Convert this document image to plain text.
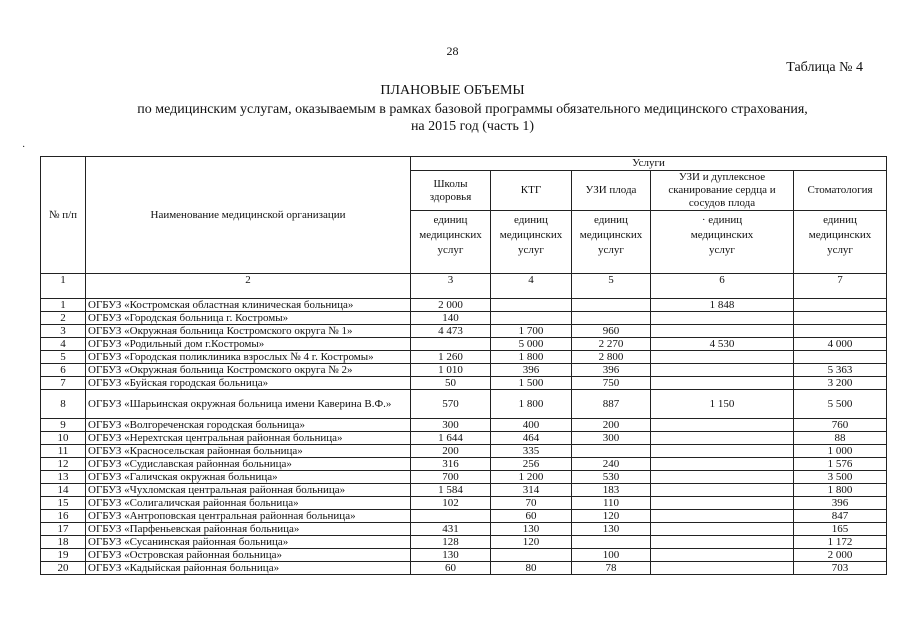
28
Таблица № 4
ПЛАНОВЫЕ ОБЪЕМЫ
по медицинским услугам, оказываемым в рамках базовой программы обязательного медицинского страхования,
на 2015 год (часть 1)
·
№ п/п	Наименование медицинской организации	Услуги				
		Школы здоровья	КТГ	УЗИ плода	УЗИ и дуплексное сканирование сердца и сосудов плода	Стоматология
		единиц медицинских услуг	единиц медицинских услуг	единиц медицинских услуг	· единиц медицинских услуг	единиц медицинских услуг
1	2	3	4	5	6	7
1	ОГБУЗ «Костромская областная клиническая больница»	2 000			1 848	
2	ОГБУЗ «Городская больница г. Костромы»	140				
3	ОГБУЗ «Окружная больница Костромского округа № 1»	4 473	1 700	960		
4	ОГБУЗ «Родильный дом г.Костромы»		5 000	2 270	4 530	4 000
5	ОГБУЗ «Городская поликлиника взрослых № 4 г. Костромы»	1 260	1 800	2 800		
6	ОГБУЗ «Окружная больница Костромского округа № 2»	1 010	396	396		5 363
7	ОГБУЗ «Буйская городская больница»	50	1 500	750		3 200
8	ОГБУЗ «Шарьинская окружная больница имени Каверина В.Ф.»	570	1 800	887	1 150	5 500
9	ОГБУЗ «Волгореченская городская больница»	300	400	200		760
10	ОГБУЗ «Нерехтская центральная районная больница»	1 644	464	300		88
11	ОГБУЗ «Красносельская районная больница»	200	335			1 000
12	ОГБУЗ «Судиславская районная больница»	316	256	240		1 576
13	ОГБУЗ «Галичская окружная больница»	700	1 200	530		3 500
14	ОГБУЗ «Чухломская центральная районная больница»	1 584	314	183		1 800
15	ОГБУЗ «Солигаличская районная больница»	102	70	110		396
16	ОГБУЗ «Антроповская центральная районная больница»		60	120		847
17	ОГБУЗ «Парфеньевская районная больница»	431	130	130		165
18	ОГБУЗ «Сусанинская районная больница»	128	120			1 172
19	ОГБУЗ «Островская районная больница»	130		100		2 000
20	ОГБУЗ «Кадыйская районная больница»	60	80	78		703
